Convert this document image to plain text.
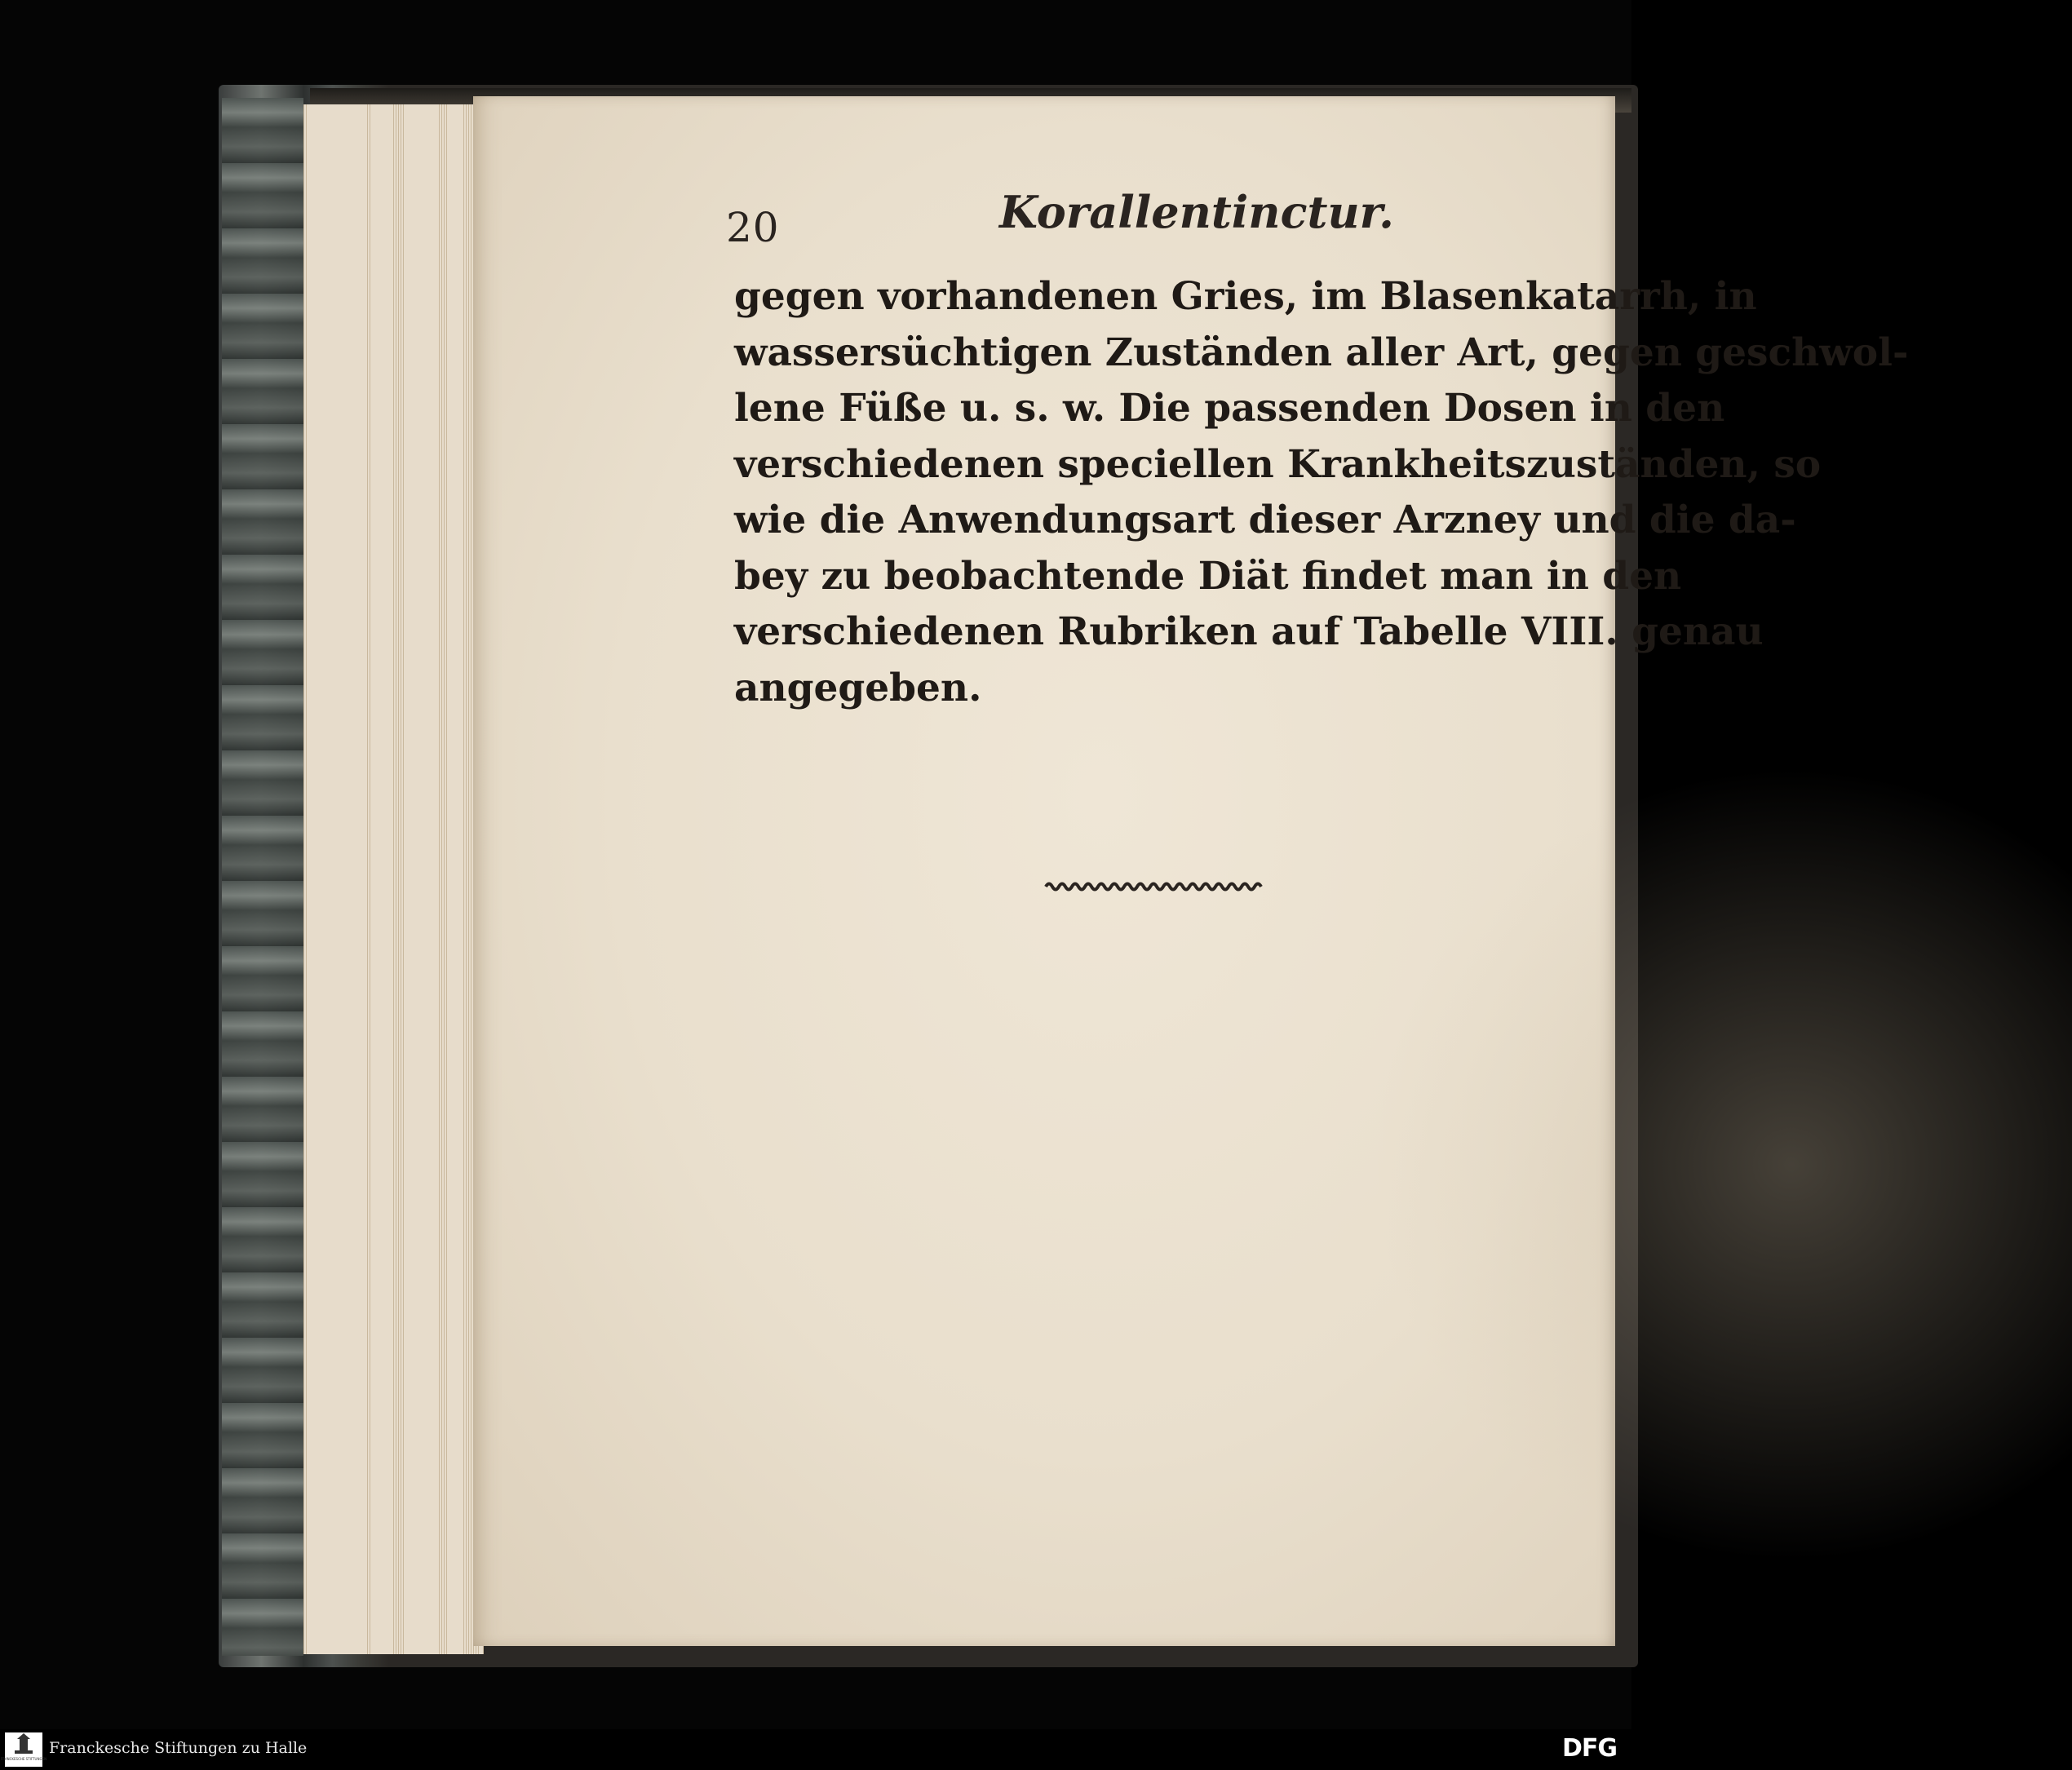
20	Korallentinctur.
gegen vorhandenen Gries, im Blasenkatarrh, in
wassersüchtigen Zuständen aller Art, gegen geschwol-
lene Füße u. s. w. Die passenden Dosen in den
verschiedenen speciellen Krankheitszuständen, so
wie die Anwendungsart dieser Arzney und die da-
bey zu beobachtende Diät findet man in den
verschiedenen Rubriken auf Tabelle VIII. genau
angegeben.
FRANCKESCHE STIFTUNGEN
Franckesche Stiftungen zu Halle	DFG
